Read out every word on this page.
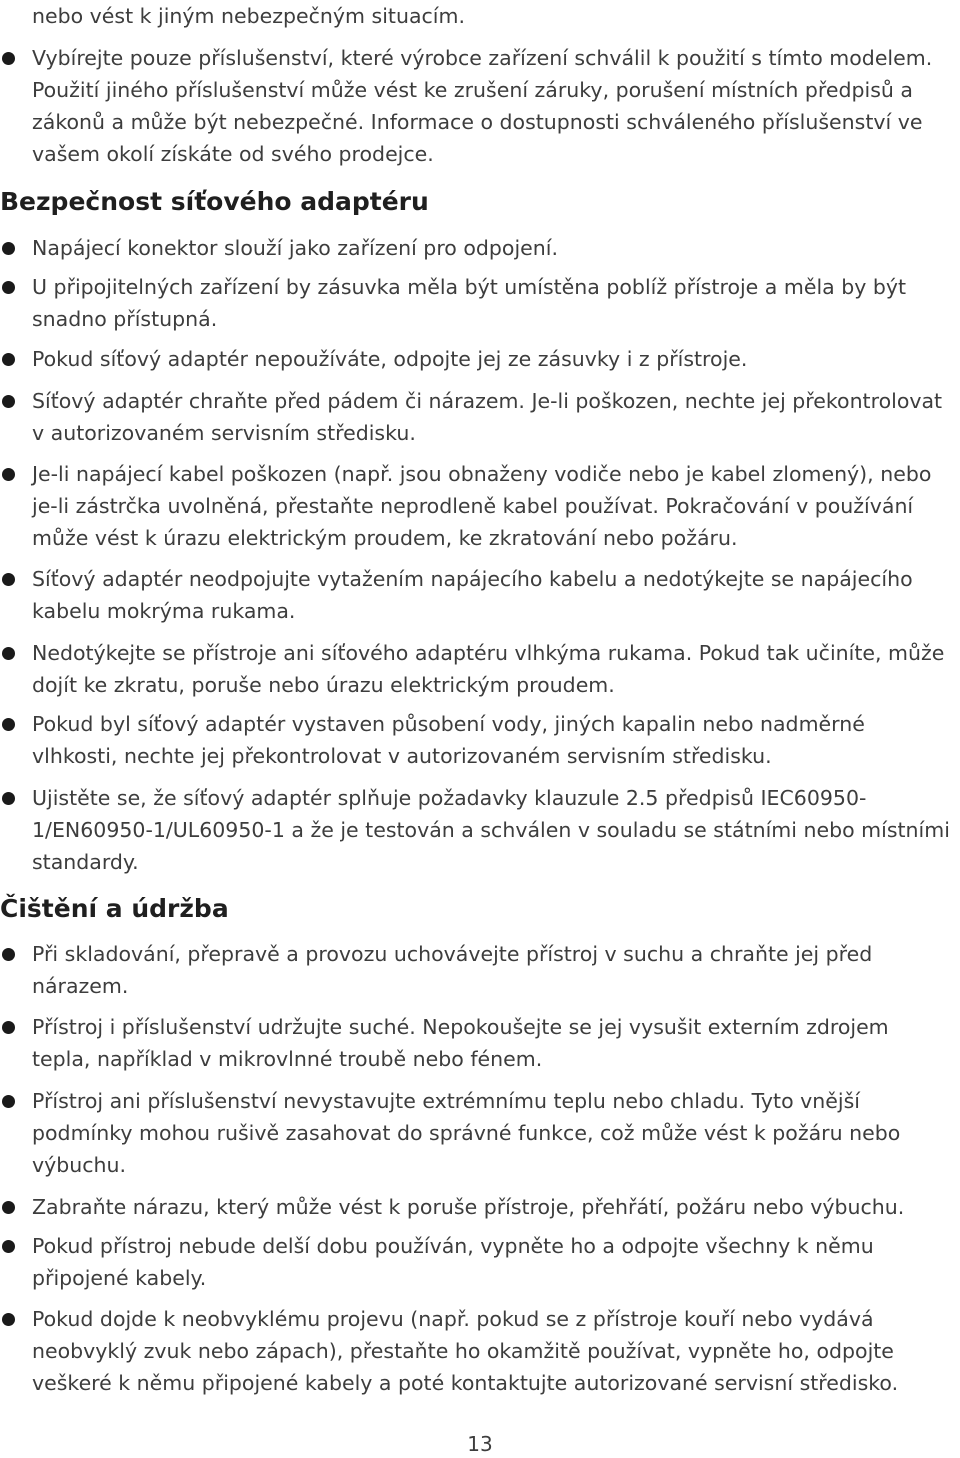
nebo vést k jiným nebezpečným situacím.
Vybírejte pouze příslušenství, které výrobce zařízení schválil k použití s tímto modelem. Použití jiného příslušenství může vést ke zrušení záruky, porušení místních předpisů a zákonů a může být nebezpečné. Informace o dostupnosti schváleného příslušenství ve vašem okolí získáte od svého prodejce.
Bezpečnost síťového adaptéru
Napájecí konektor slouží jako zařízení pro odpojení.
U připojitelných zařízení by zásuvka měla být umístěna poblíž přístroje a měla by být snadno přístupná.
Pokud síťový adaptér nepoužíváte, odpojte jej ze zásuvky i z přístroje.
Síťový adaptér chraňte před pádem či nárazem. Je-li poškozen, nechte jej překontrolovat v autorizovaném servisním středisku.
Je-li napájecí kabel poškozen (např. jsou obnaženy vodiče nebo je kabel zlomený), nebo je-li zástrčka uvolněná, přestaňte neprodleně kabel používat. Pokračování v používání může vést k úrazu elektrickým proudem, ke zkratování nebo požáru.
Síťový adaptér neodpojujte vytažením napájecího kabelu a nedotýkejte se napájecího kabelu mokrýma rukama.
Nedotýkejte se přístroje ani síťového adaptéru vlhkýma rukama. Pokud tak učiníte, může dojít ke zkratu, poruše nebo úrazu elektrickým proudem.
Pokud byl síťový adaptér vystaven působení vody, jiných kapalin nebo nadměrné vlhkosti, nechte jej překontrolovat v autorizovaném servisním středisku.
Ujistěte se, že síťový adaptér splňuje požadavky klauzule 2.5 předpisů IEC60950-1/EN60950-1/UL60950-1 a že je testován a schválen v souladu se státními nebo místními standardy.
Čištění a údržba
Při skladování, přepravě a provozu uchovávejte přístroj v suchu a chraňte jej před nárazem.
Přístroj i příslušenství udržujte suché. Nepokoušejte se jej vysušit externím zdrojem tepla, například v mikrovlnné troubě nebo fénem.
Přístroj ani příslušenství nevystavujte extrémnímu teplu nebo chladu. Tyto vnější podmínky mohou rušivě zasahovat do správné funkce, což může vést k požáru nebo výbuchu.
Zabraňte nárazu, který může vést k poruše přístroje, přehřátí, požáru nebo výbuchu.
Pokud přístroj nebude delší dobu používán, vypněte ho a odpojte všechny k němu připojené kabely.
Pokud dojde k neobvyklému projevu (např. pokud se z přístroje kouří nebo vydává neobvyklý zvuk nebo zápach), přestaňte ho okamžitě používat, vypněte ho, odpojte veškeré k němu připojené kabely a poté kontaktujte autorizované servisní středisko.
13
